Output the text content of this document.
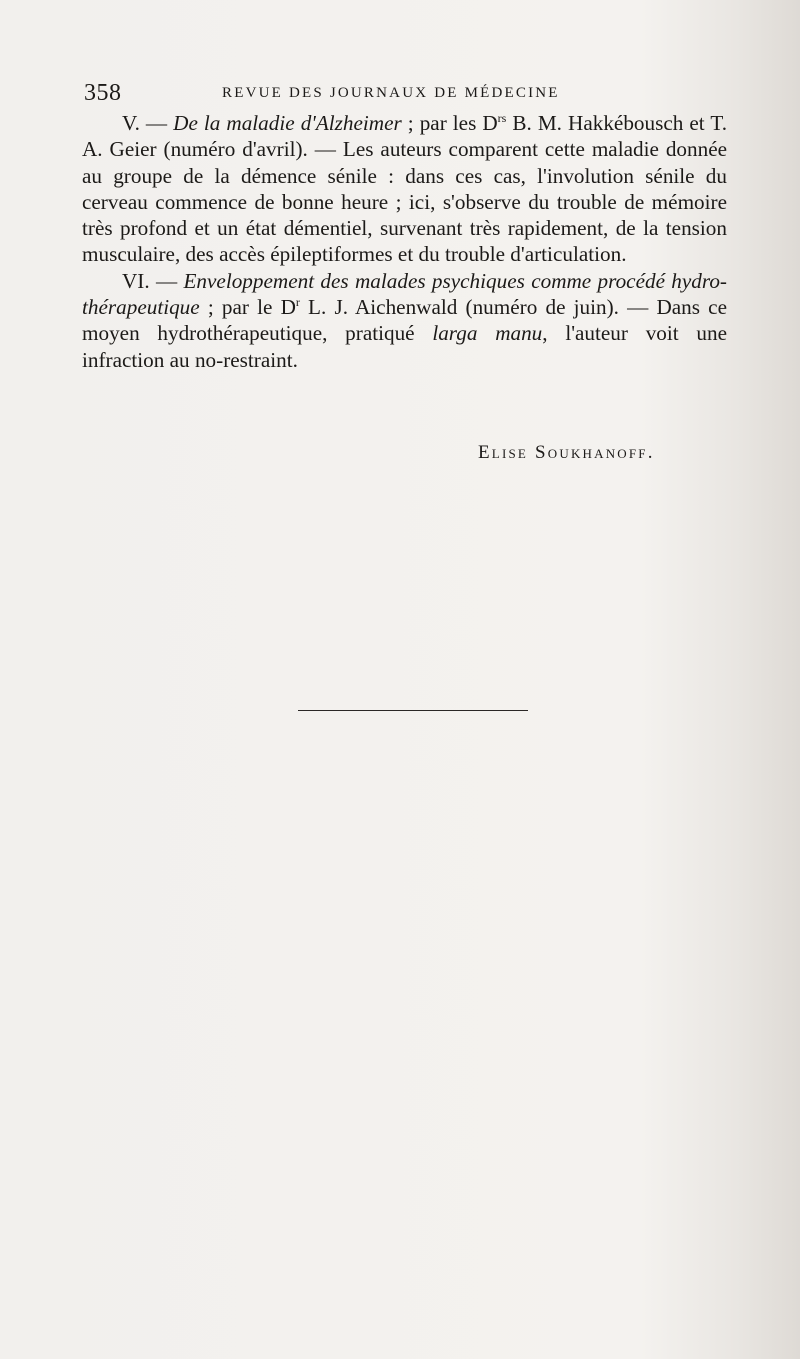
358	REVUE DES JOURNAUX DE MÉDECINE

V. — De la maladie d'Alzheimer ; par les $D^{rs}$ B. M. Hakkébousch et T. A. Geier (numéro d'avril). — Les auteurs comparent cette maladie donnée au groupe de la démence sénile : dans ces cas, l'involution sénile du cerveau commence de bonne heure ; ici, s'observe du trouble de mémoire très profond et un état démentiel, survenant très rapidement, de la tension musculaire, des accès épileptiformes et du trouble d'articulation.

VI. — Enveloppement des malades psychiques comme procédé hydro-thérapeutique ; par le $D^r$ L. J. Aichenwald (numéro de juin). — Dans ce moyen hydrothérapeutique, pratiqué larga manu, l'auteur voit une infraction au no-restraint.

Elise Soukhanoff.
